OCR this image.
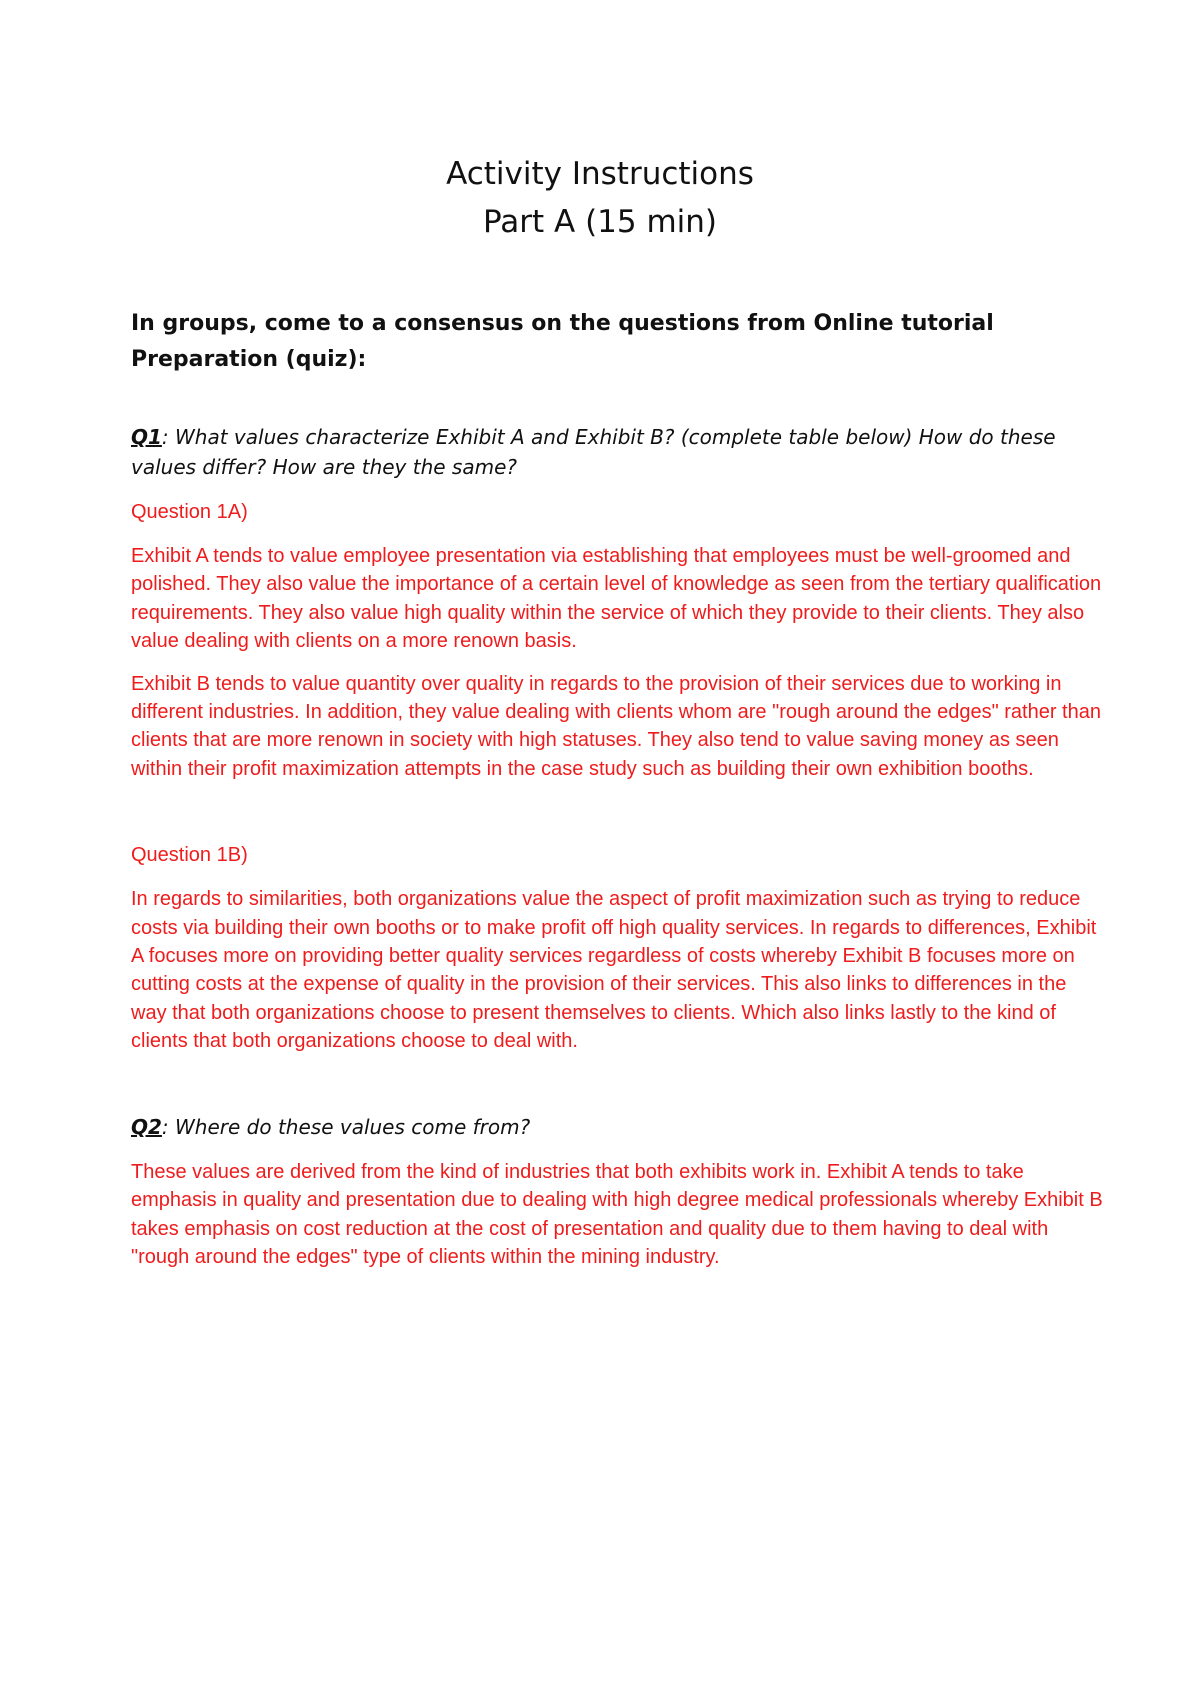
Activity Instructions
Part A (15 min)

In groups, come to a consensus on the questions from Online tutorial Preparation (quiz):

Q1: What values characterize Exhibit A and Exhibit B? (complete table below) How do these values differ? How are they the same?

Question 1A)

Exhibit A tends to value employee presentation via establishing that employees must be well-groomed and polished. They also value the importance of a certain level of knowledge as seen from the tertiary qualification requirements. They also value high quality within the service of which they provide to their clients. They also value dealing with clients on a more renown basis.

Exhibit B tends to value quantity over quality in regards to the provision of their services due to working in different industries. In addition, they value dealing with clients whom are "rough around the edges" rather than clients that are more renown in society with high statuses. They also tend to value saving money as seen within their profit maximization attempts in the case study such as building their own exhibition booths.

Question 1B)

In regards to similarities, both organizations value the aspect of profit maximization such as trying to reduce costs via building their own booths or to make profit off high quality services. In regards to differences, Exhibit A focuses more on providing better quality services regardless of costs whereby Exhibit B focuses more on cutting costs at the expense of quality in the provision of their services. This also links to differences in the way that both organizations choose to present themselves to clients. Which also links lastly to the kind of clients that both organizations choose to deal with.

Q2: Where do these values come from?

These values are derived from the kind of industries that both exhibits work in. Exhibit A tends to take emphasis in quality and presentation due to dealing with high degree medical professionals whereby Exhibit B takes emphasis on cost reduction at the cost of presentation and quality due to them having to deal with "rough around the edges" type of clients within the mining industry.
